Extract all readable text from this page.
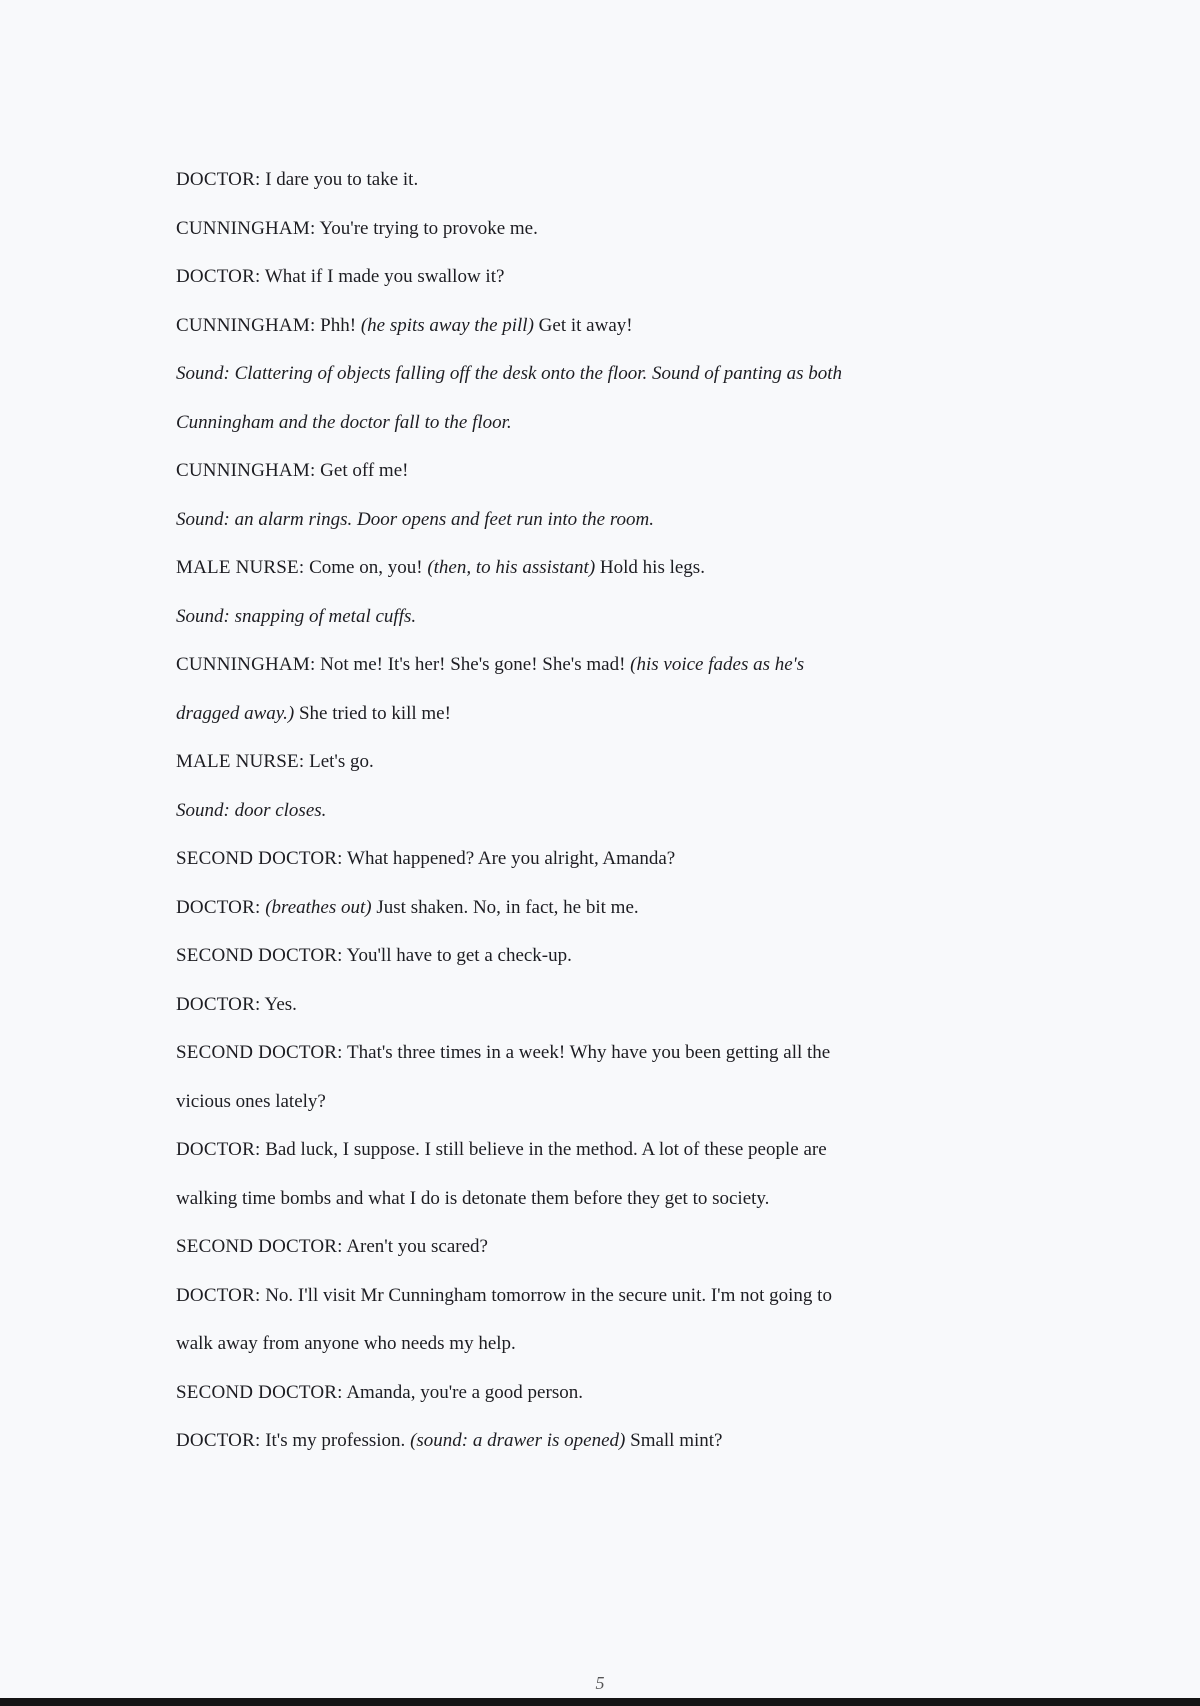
DOCTOR: I dare you to take it.
CUNNINGHAM: You're trying to provoke me.
DOCTOR: What if I made you swallow it?
CUNNINGHAM: Phh! (he spits away the pill) Get it away!
Sound: Clattering of objects falling off the desk onto the floor. Sound of panting as both
Cunningham and the doctor fall to the floor.
CUNNINGHAM: Get off me!
Sound: an alarm rings. Door opens and feet run into the room.
MALE NURSE: Come on, you! (then, to his assistant) Hold his legs.
Sound: snapping of metal cuffs.
CUNNINGHAM: Not me! It's her! She's gone! She's mad! (his voice fades as he's
dragged away.) She tried to kill me!
MALE NURSE: Let's go.
Sound: door closes.
SECOND DOCTOR: What happened? Are you alright, Amanda?
DOCTOR: (breathes out) Just shaken. No, in fact, he bit me.
SECOND DOCTOR: You'll have to get a check-up.
DOCTOR: Yes.
SECOND DOCTOR: That's three times in a week! Why have you been getting all the
vicious ones lately?
DOCTOR: Bad luck, I suppose. I still believe in the method. A lot of these people are
walking time bombs and what I do is detonate them before they get to society.
SECOND DOCTOR: Aren't you scared?
DOCTOR: No. I'll visit Mr Cunningham tomorrow in the secure unit. I'm not going to
walk away from anyone who needs my help.
SECOND DOCTOR: Amanda, you're a good person.
DOCTOR: It's my profession. (sound: a drawer is opened) Small mint?
5
